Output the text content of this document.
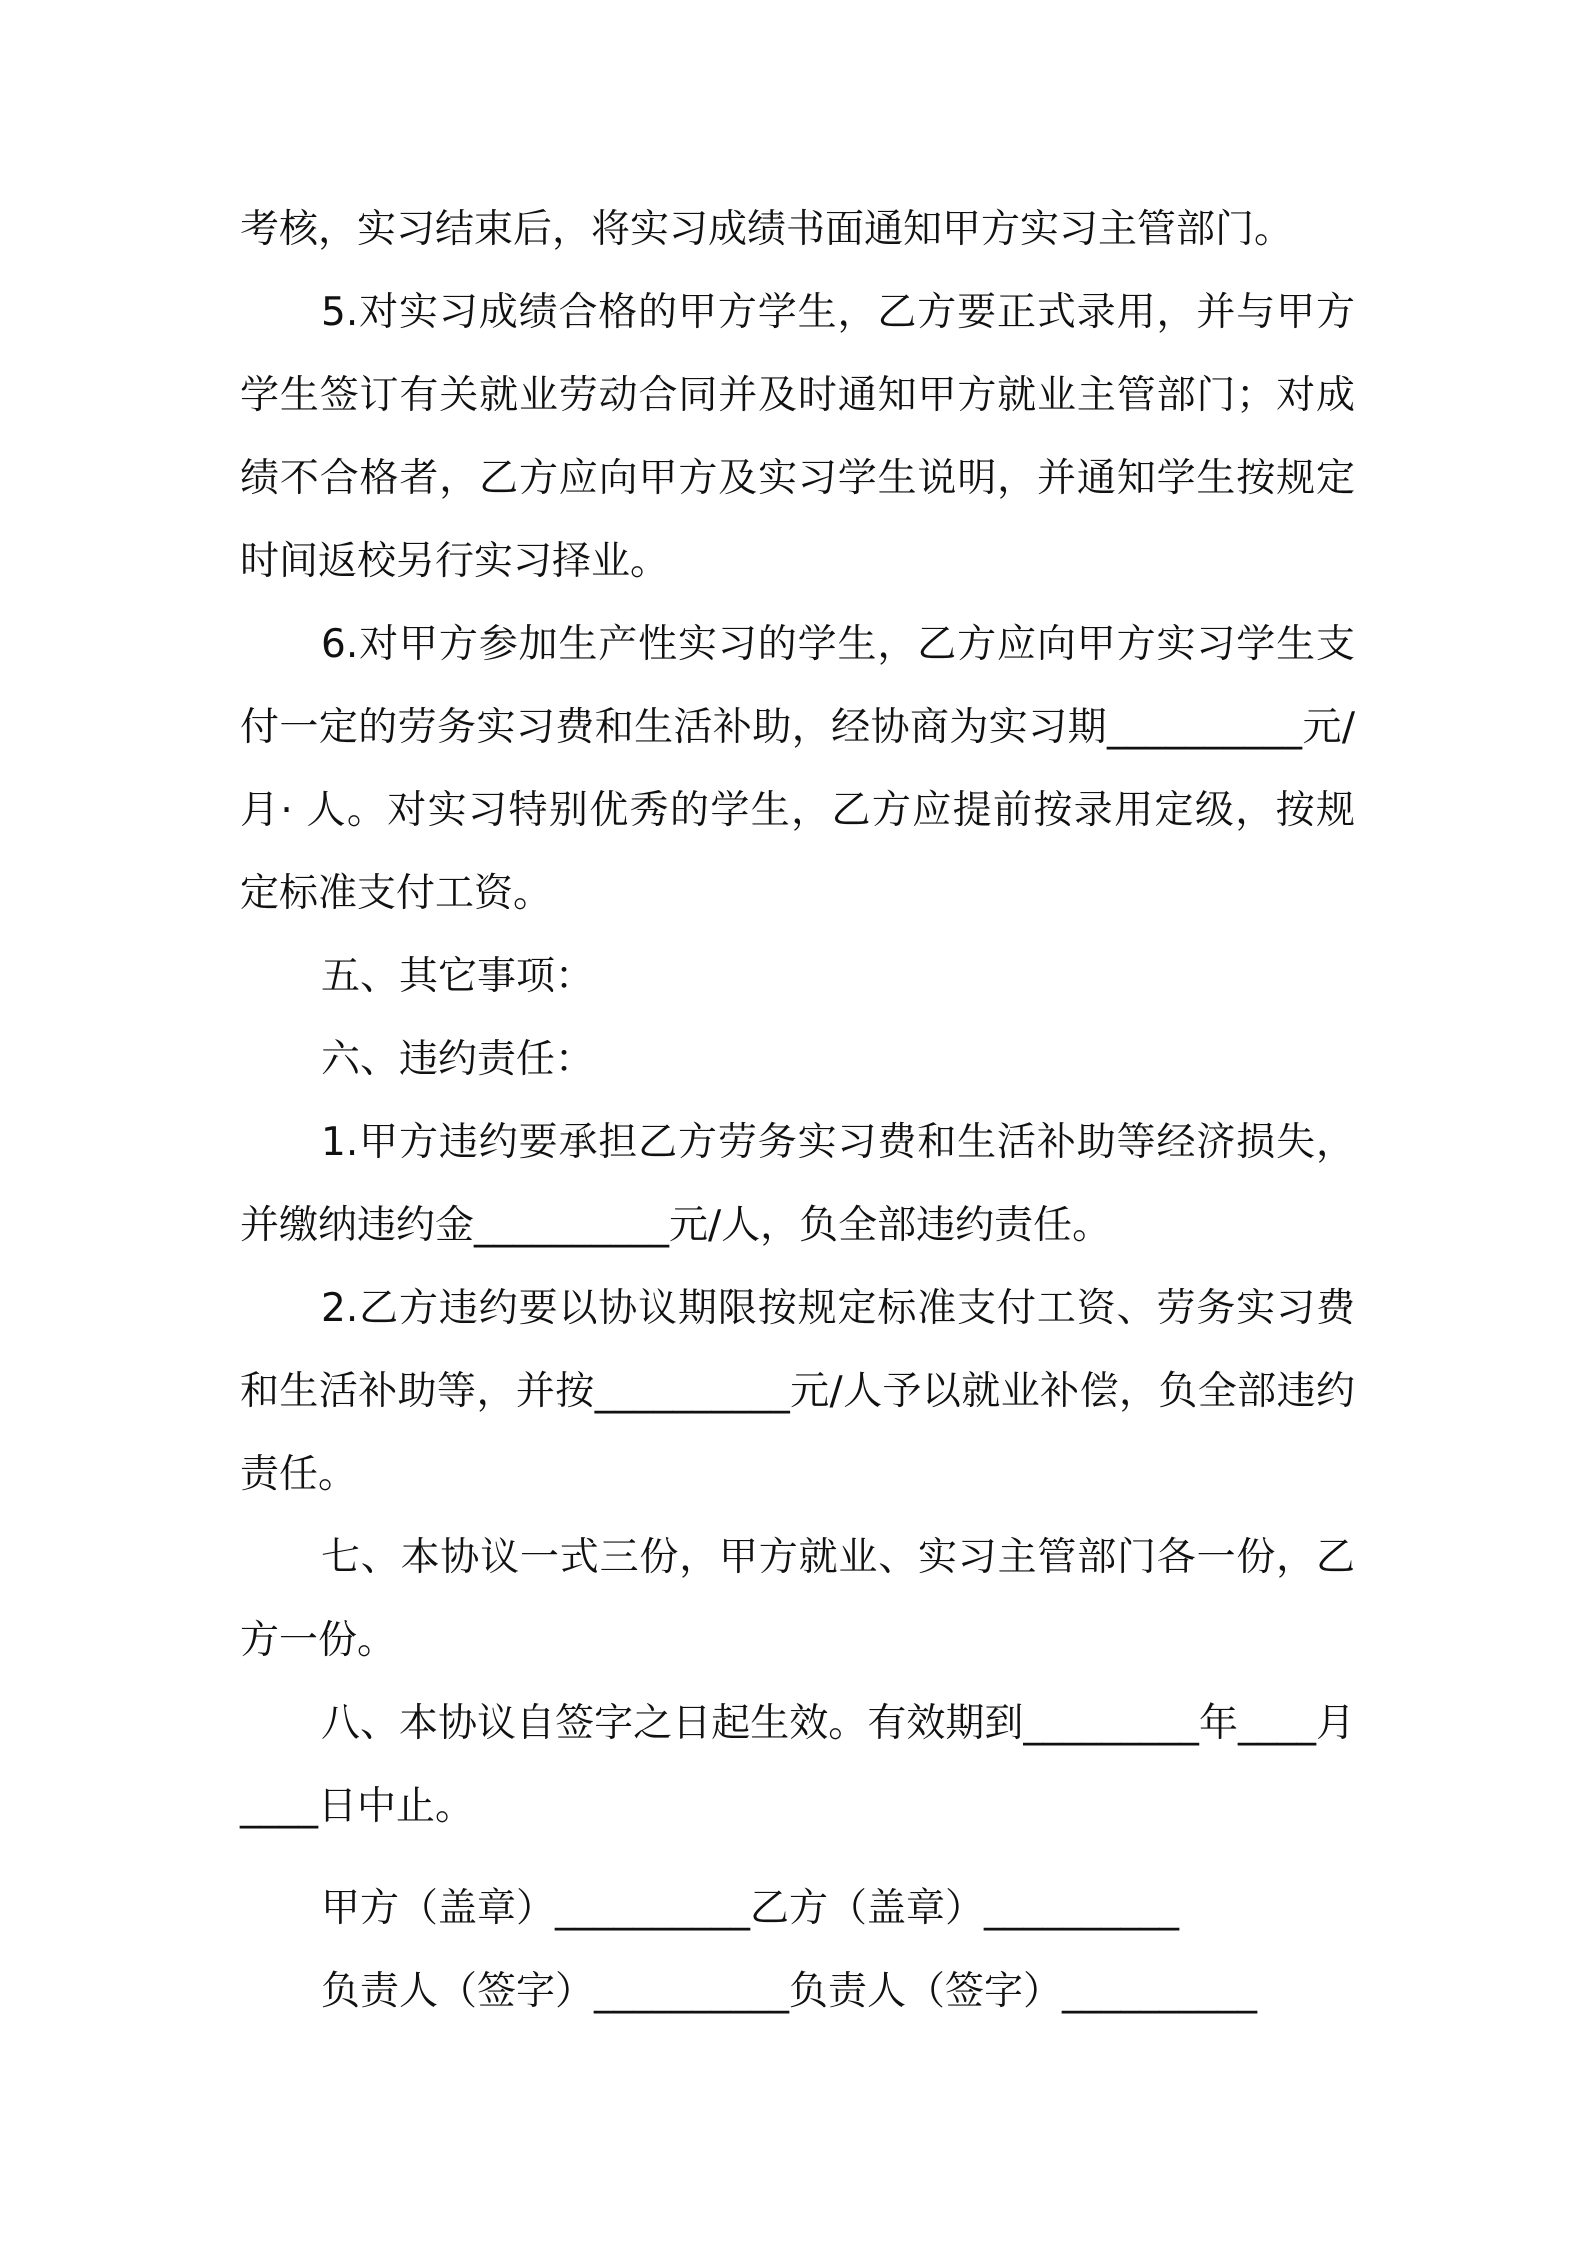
考核，实习结束后，将实习成绩书面通知甲方实习主管部门。

5.对实习成绩合格的甲方学生，乙方要正式录用，并与甲方学生签订有关就业劳动合同并及时通知甲方就业主管部门；对成绩不合格者，乙方应向甲方及实习学生说明，并通知学生按规定时间返校另行实习择业。

6.对甲方参加生产性实习的学生，乙方应向甲方实习学生支付一定的劳务实习费和生活补助，经协商为实习期__________元/月· 人。对实习特别优秀的学生，乙方应提前按录用定级，按规定标准支付工资。

五、其它事项：

六、违约责任：

1.甲方违约要承担乙方劳务实习费和生活补助等经济损失，并缴纳违约金__________元/人，负全部违约责任。

2.乙方违约要以协议期限按规定标准支付工资、劳务实习费和生活补助等，并按__________元/人予以就业补偿，负全部违约责任。

七、本协议一式三份，甲方就业、实习主管部门各一份，乙方一份。

八、本协议自签字之日起生效。有效期到_________年____月____日中止。

甲方（盖章）__________乙方（盖章）__________

负责人（签字）__________负责人（签字）__________
